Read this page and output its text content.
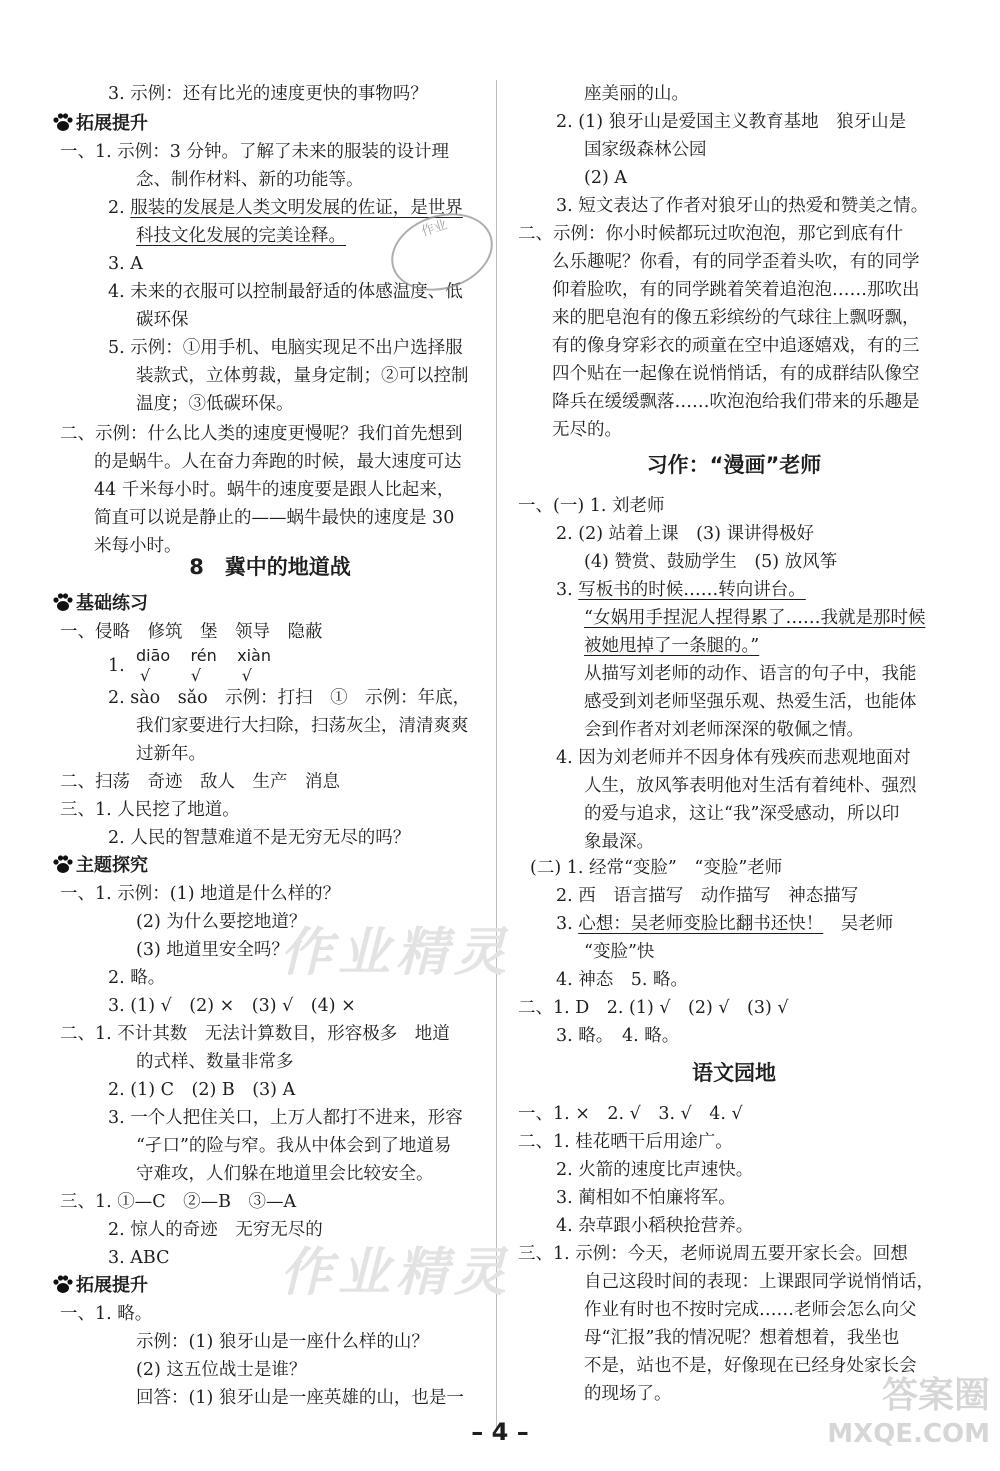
3. 示例：还有比光的速度更快的事物吗？
拓展提升
一、1. 示例：3 分钟。了解了未来的服装的设计理
念、制作材料、新的功能等。
2. 服装的发展是人类文明发展的佐证，是世界
科技文化发展的完美诠释。
3. A
4. 未来的衣服可以控制最舒适的体感温度、低
碳环保
5. 示例：①用手机、电脑实现足不出户选择服
装款式，立体剪裁，量身定制；②可以控制
温度；③低碳环保。
二、示例：什么比人类的速度更慢呢？我们首先想到
的是蜗牛。人在奋力奔跑的时候，最大速度可达
44 千米每小时。蜗牛的速度要是跟人比起来，
简直可以说是静止的——蜗牛最快的速度是 30
米每小时。
8　冀中的地道战
基础练习
一、侵略　修筑　堡　领导　隐蔽
diāo    rén    xiàn
1. √        √        √
2. sào　sǎo　示例：打扫　①　示例：年底，
我们家要进行大扫除，扫荡灰尘，清清爽爽
过新年。
二、扫荡　奇迹　敌人　生产　消息
三、1. 人民挖了地道。
2. 人民的智慧难道不是无穷无尽的吗？
主题探究
一、1. 示例：(1) 地道是什么样的？
(2) 为什么要挖地道？
(3) 地道里安全吗？
2. 略。
3. (1) √　(2) ×　(3) √　(4) ×
二、1. 不计其数　无法计算数目，形容极多　地道
的式样、数量非常多
2. (1) C　(2) B　(3) A
3. 一个人把住关口，上万人都打不进来，形容
“孑口”的险与窄。我从中体会到了地道易
守难攻，人们躲在地道里会比较安全。
三、1. ①—C　②—B　③—A
2. 惊人的奇迹　无穷无尽的
3. ABC
拓展提升
一、1. 略。
示例：(1) 狼牙山是一座什么样的山？
(2) 这五位战士是谁？
回答：(1) 狼牙山是一座英雄的山，也是一
座美丽的山。
2. (1) 狼牙山是爱国主义教育基地　狼牙山是
国家级森林公园
(2) A
3. 短文表达了作者对狼牙山的热爱和赞美之情。
二、示例：你小时候都玩过吹泡泡，那它到底有什
么乐趣呢？你看，有的同学歪着头吹，有的同学
仰着脸吹，有的同学跳着笑着追泡泡……那吹出
来的肥皂泡有的像五彩缤纷的气球往上飘呀飘，
有的像身穿彩衣的顽童在空中追逐嬉戏，有的三
四个贴在一起像在说悄悄话，有的成群结队像空
降兵在缓缓飘落……吹泡泡给我们带来的乐趣是
无尽的。
习作：“漫画”老师
一、(一) 1. 刘老师
2. (2) 站着上课　(3) 课讲得极好
(4) 赞赏、鼓励学生　(5) 放风筝
3. 写板书的时候……转向讲台。
“女娲用手捏泥人捏得累了……我就是那时候
被她甩掉了一条腿的。”
从描写刘老师的动作、语言的句子中，我能
感受到刘老师坚强乐观、热爱生活，也能体
会到作者对刘老师深深的敬佩之情。
4. 因为刘老师并不因身体有残疾而悲观地面对
人生，放风筝表明他对生活有着纯朴、强烈
的爱与追求，这让“我”深受感动，所以印
象最深。
(二) 1. 经常“变脸”　“变脸”老师
2. 西　语言描写　动作描写　神态描写
3. 心想：吴老师变脸比翻书还快！　吴老师
“变脸”快
4. 神态　5. 略。
二、1. D　2. (1) √　(2) √　(3) √
3. 略。　4. 略。
语文园地
一、1. ×　2. √　3. √　4. √
二、1. 桂花晒干后用途广。
2. 火箭的速度比声速快。
3. 蔺相如不怕廉将军。
4. 杂草跟小稻秧抢营养。
三、1. 示例：今天，老师说周五要开家长会。回想
自己这段时间的表现：上课跟同学说悄悄话，
作业有时也不按时完成……老师会怎么向父
母“汇报”我的情况呢？想着想着，我坐也
不是，站也不是，好像现在已经身处家长会
的现场了。
作业
作业精灵
作业精灵
答案圈
MXQE.COM
– 4 –
